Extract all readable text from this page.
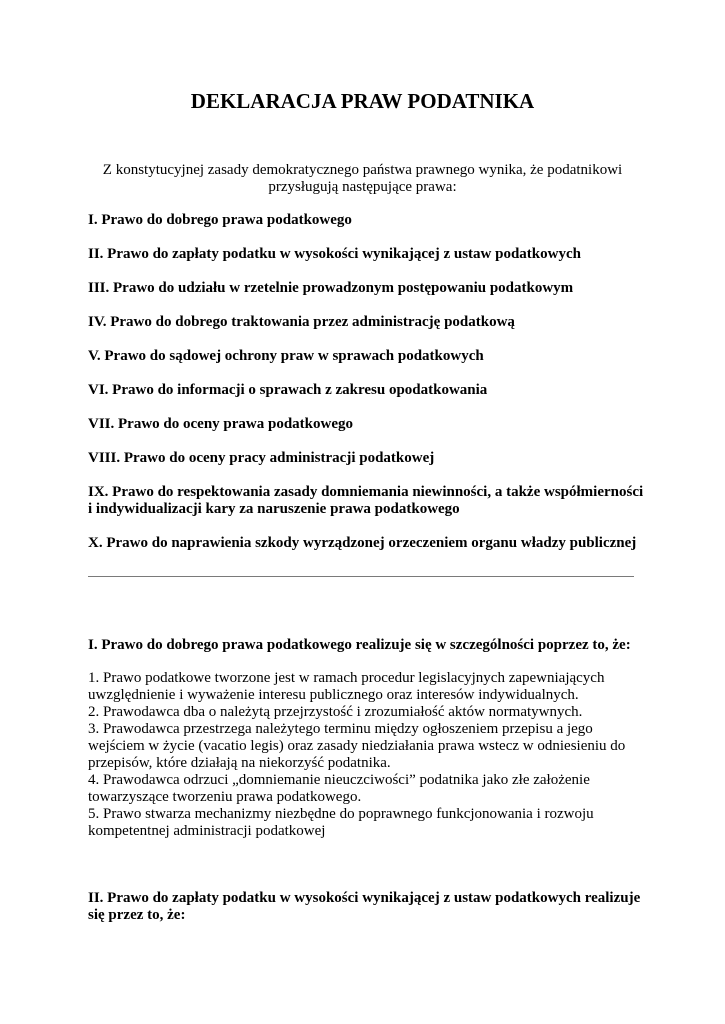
DEKLARACJA PRAW PODATNIKA
Z konstytucyjnej zasady demokratycznego państwa prawnego wynika, że podatnikowi przysługują następujące prawa:
I. Prawo do dobrego prawa podatkowego
II. Prawo do zapłaty podatku w wysokości wynikającej z ustaw podatkowych
III. Prawo do udziału w rzetelnie prowadzonym postępowaniu podatkowym
IV. Prawo do dobrego traktowania przez administrację podatkową
V. Prawo do sądowej ochrony praw w sprawach podatkowych
VI. Prawo do informacji o sprawach z zakresu opodatkowania
VII. Prawo do oceny prawa podatkowego
VIII. Prawo do oceny pracy administracji podatkowej
IX. Prawo do respektowania zasady domniemania niewinności, a także współmierności i indywidualizacji kary za naruszenie prawa podatkowego
X. Prawo do naprawienia szkody wyrządzonej orzeczeniem organu władzy publicznej
I. Prawo do dobrego prawa podatkowego realizuje się w szczególności poprzez to, że:
1. Prawo podatkowe tworzone jest w ramach procedur legislacyjnych zapewniających uwzględnienie i wyważenie interesu publicznego oraz interesów indywidualnych.
2. Prawodawca dba o należytą przejrzystość i zrozumiałość aktów normatywnych.
3. Prawodawca przestrzega należytego terminu między ogłoszeniem przepisu a jego wejściem w życie (vacatio legis) oraz zasady niedziałania prawa wstecz w odniesieniu do przepisów, które działają na niekorzyść podatnika.
4. Prawodawca odrzuci „domniemanie nieuczciwości” podatnika jako złe założenie towarzyszące tworzeniu prawa podatkowego.
5. Prawo stwarza mechanizmy niezbędne do poprawnego funkcjonowania i rozwoju kompetentnej administracji podatkowej
II. Prawo do zapłaty podatku w wysokości wynikającej z ustaw podatkowych realizuje się przez to, że:
